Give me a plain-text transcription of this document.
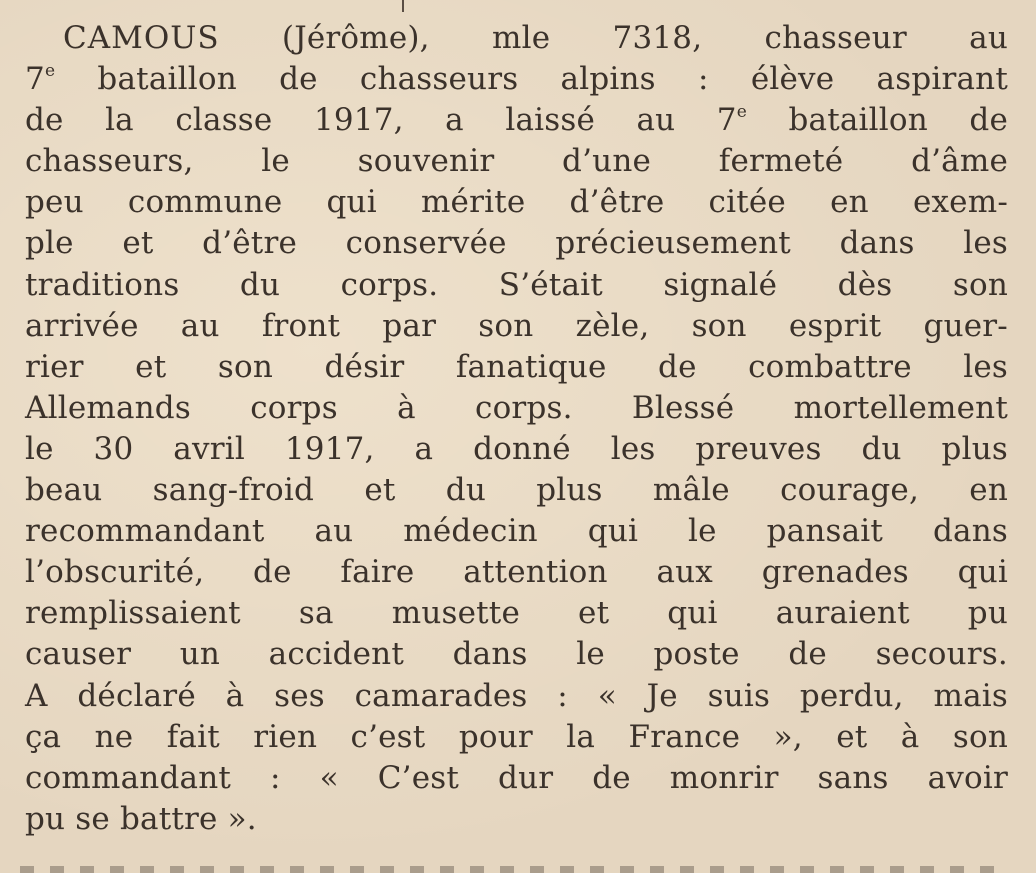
CAMOUS (Jérôme), mle 7318, chasseur au
7e bataillon de chasseurs alpins : élève aspirant
de la classe 1917, a laissé au 7e bataillon de
chasseurs, le souvenir d’une fermeté d’âme
peu commune qui mérite d’être citée en exem-
ple et d’être conservée précieusement dans les
traditions du corps. S’était signalé dès son
arrivée au front par son zèle, son esprit guer-
rier et son désir fanatique de combattre les
Allemands corps à corps. Blessé mortellement
le 30 avril 1917, a donné les preuves du plus
beau sang-froid et du plus mâle courage, en
recommandant au médecin qui le pansait dans
l’obscurité, de faire attention aux grenades qui
remplissaient sa musette et qui auraient pu
causer un accident dans le poste de secours.
A déclaré à ses camarades : « Je suis perdu, mais
ça ne fait rien c’est pour la France », et à son
commandant : « C’est dur de monrir sans avoir
pu se battre ».
